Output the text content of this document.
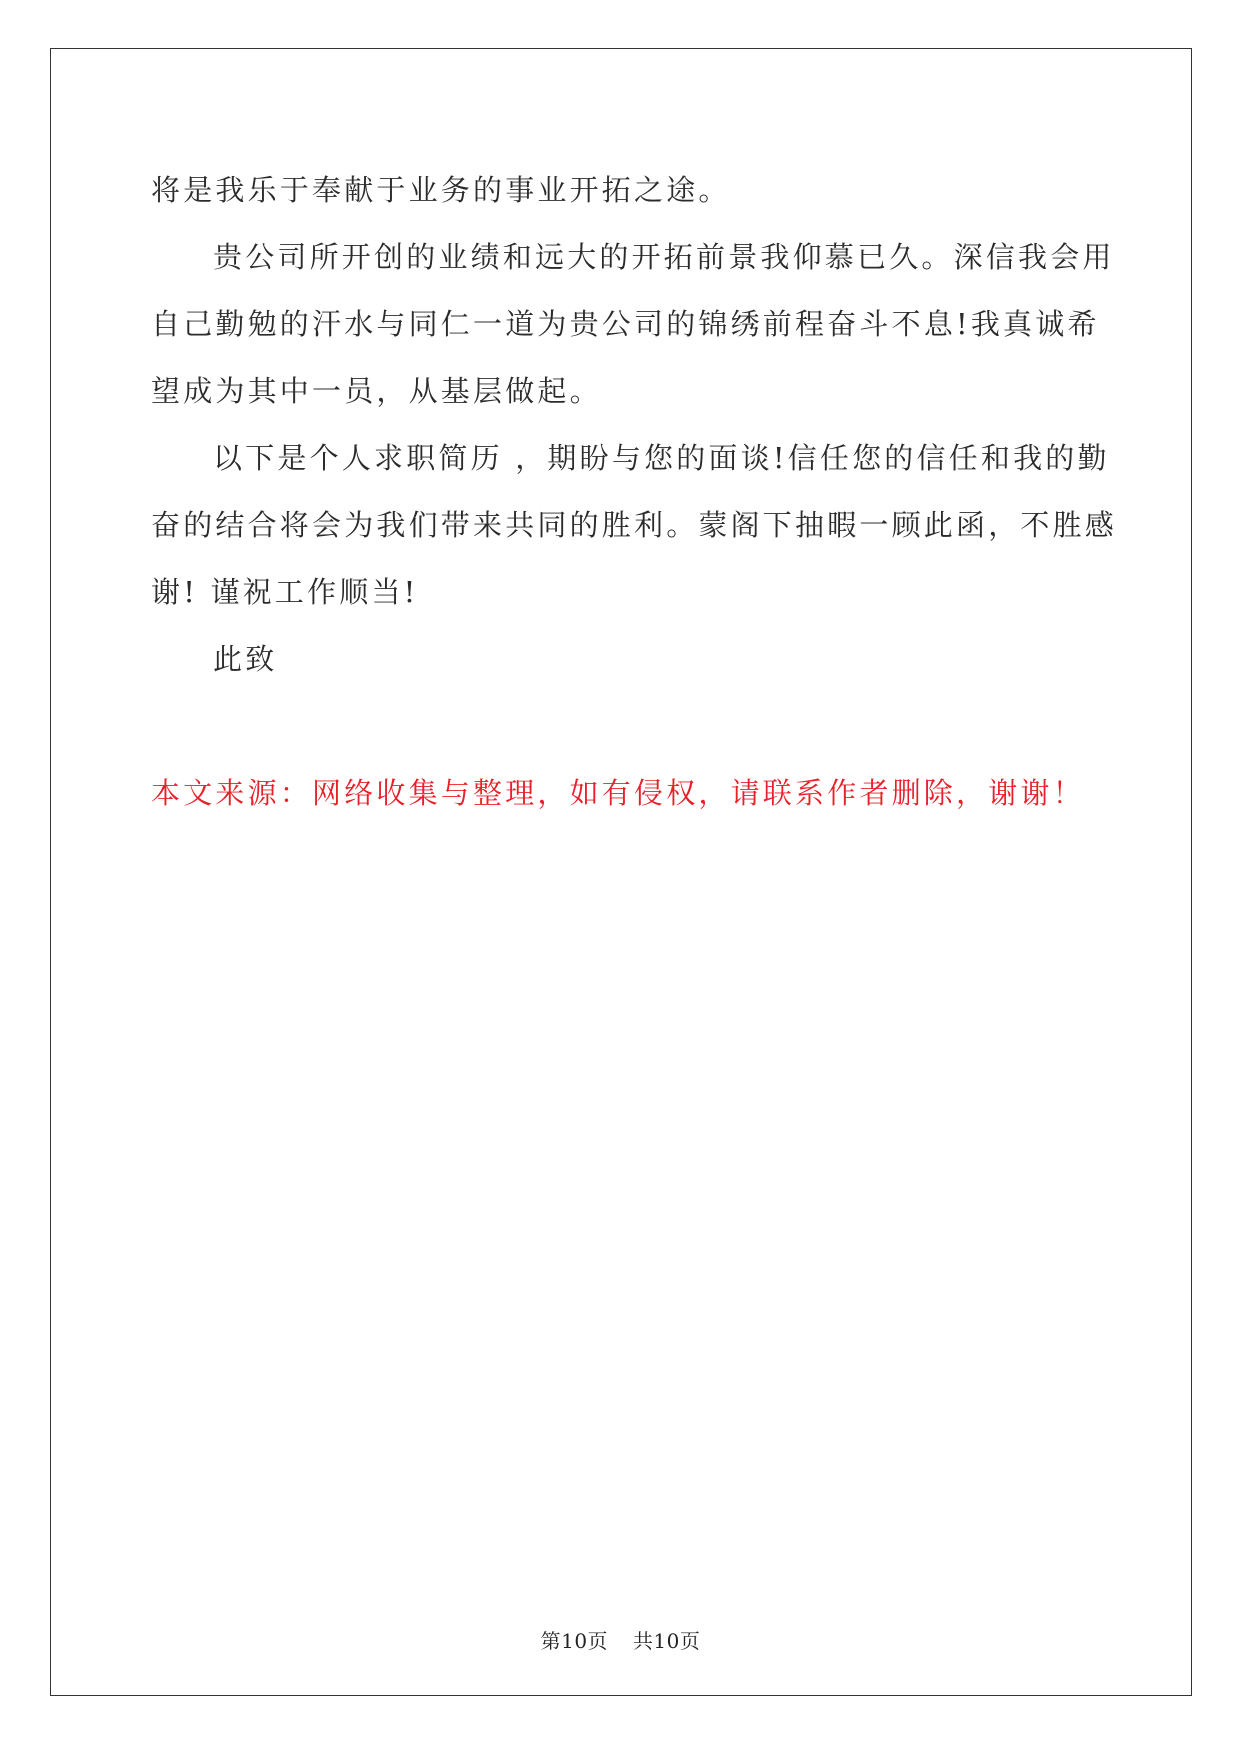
将是我乐于奉献于业务的事业开拓之途。
贵公司所开创的业绩和远大的开拓前景我仰慕已久。深信我会用
自己勤勉的汗水与同仁一道为贵公司的锦绣前程奋斗不息!我真诚希
望成为其中一员，从基层做起。
以下是个人求职简历 ，期盼与您的面谈!信任您的信任和我的勤
奋的结合将会为我们带来共同的胜利。蒙阁下抽暇一顾此函，不胜感
谢! 谨祝工作顺当!
此致
本文来源：网络收集与整理，如有侵权，请联系作者删除，谢谢！
第10页 共10页
